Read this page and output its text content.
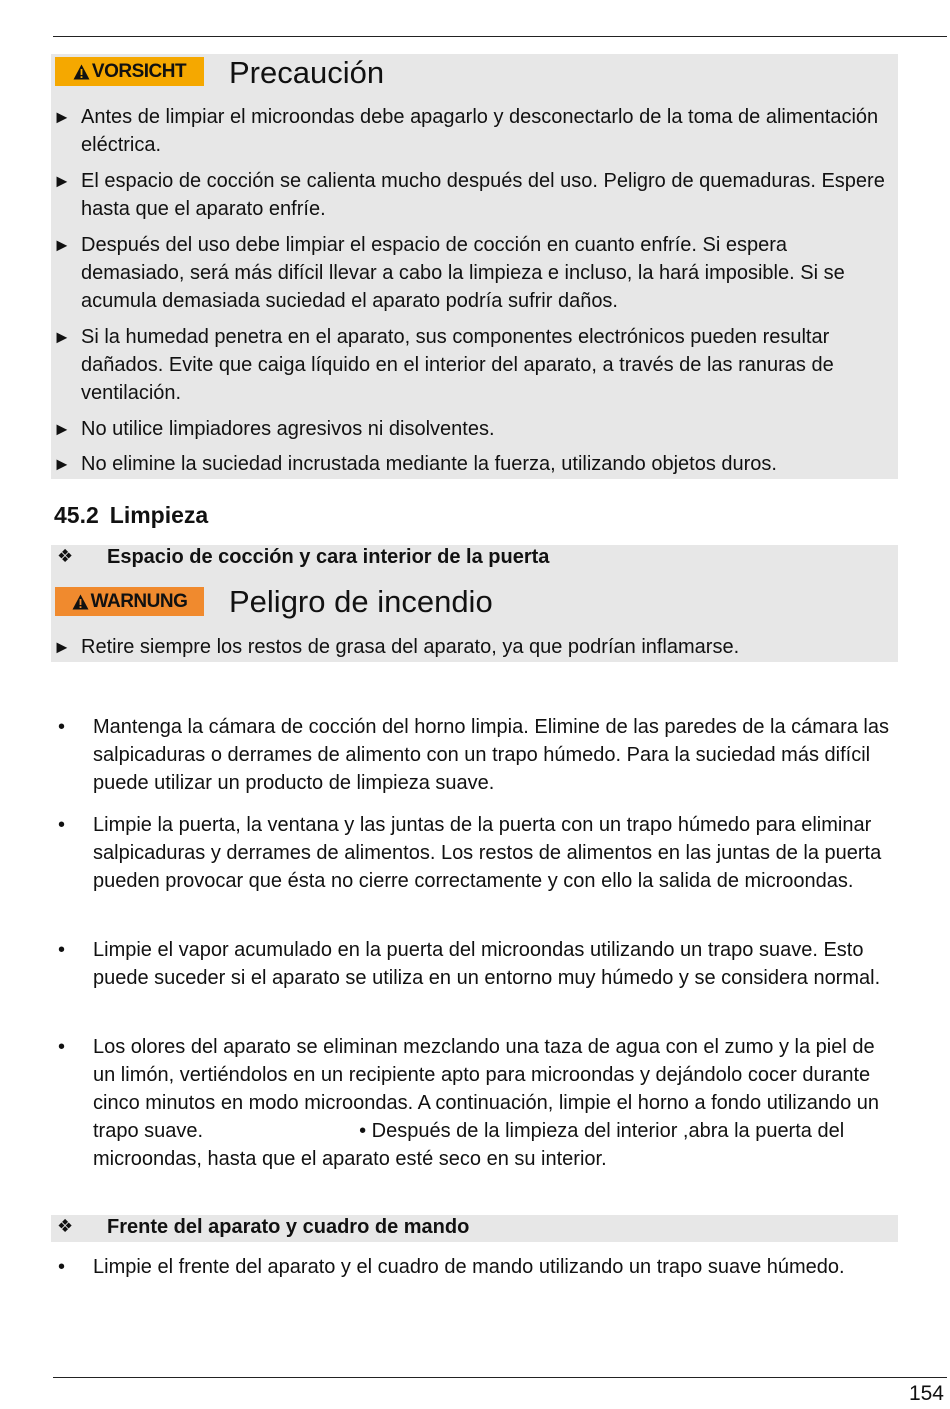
VORSICHT Precaución
► Antes de limpiar el microondas debe apagarlo y desconectarlo de la toma de alimentación eléctrica.
► El espacio de cocción se calienta mucho después del uso. Peligro de quemaduras. Espere hasta que el aparato enfríe.
► Después del uso debe limpiar el espacio de cocción en cuanto enfríe. Si espera demasiado, será más difícil llevar a cabo la limpieza e incluso, la hará imposible. Si se acumula demasiada suciedad el aparato podría sufrir daños.
► Si la humedad penetra en el aparato, sus componentes electrónicos pueden resultar dañados. Evite que caiga líquido en el interior del aparato, a través de las ranuras de ventilación.
► No utilice limpiadores agresivos ni disolventes.
► No elimine la suciedad incrustada mediante la fuerza, utilizando objetos duros.
45.2 Limpieza
❖ Espacio de cocción y cara interior de la puerta
WARNUNG Peligro de incendio
► Retire siempre los restos de grasa del aparato, ya que podrían inflamarse.
• Mantenga la cámara de cocción del horno limpia. Elimine de las paredes de la cámara las salpicaduras o derrames de alimento con un trapo húmedo. Para la suciedad más difícil puede utilizar un producto de limpieza suave.
• Limpie la puerta, la ventana y las juntas de la puerta con un trapo húmedo para eliminar salpicaduras y derrames de alimentos. Los restos de alimentos en las juntas de la puerta pueden provocar que ésta no cierre correctamente y con ello la salida de microondas.
• Limpie el vapor acumulado en la puerta del microondas utilizando un trapo suave. Esto puede suceder si el aparato se utiliza en un entorno muy húmedo y se considera normal.
• Los olores del aparato se eliminan mezclando una taza de agua con el zumo y la piel de un limón, vertiéndolos en un recipiente apto para microondas y dejándolo cocer durante cinco minutos en modo microondas. A continuación, limpie el horno a fondo utilizando un trapo suave.	• Después de la limpieza del interior ,abra la puerta del microondas, hasta que el aparato esté seco en su interior.
❖ Frente del aparato y cuadro de mando
• Limpie el frente del aparato y el cuadro de mando utilizando un trapo suave húmedo.
154
